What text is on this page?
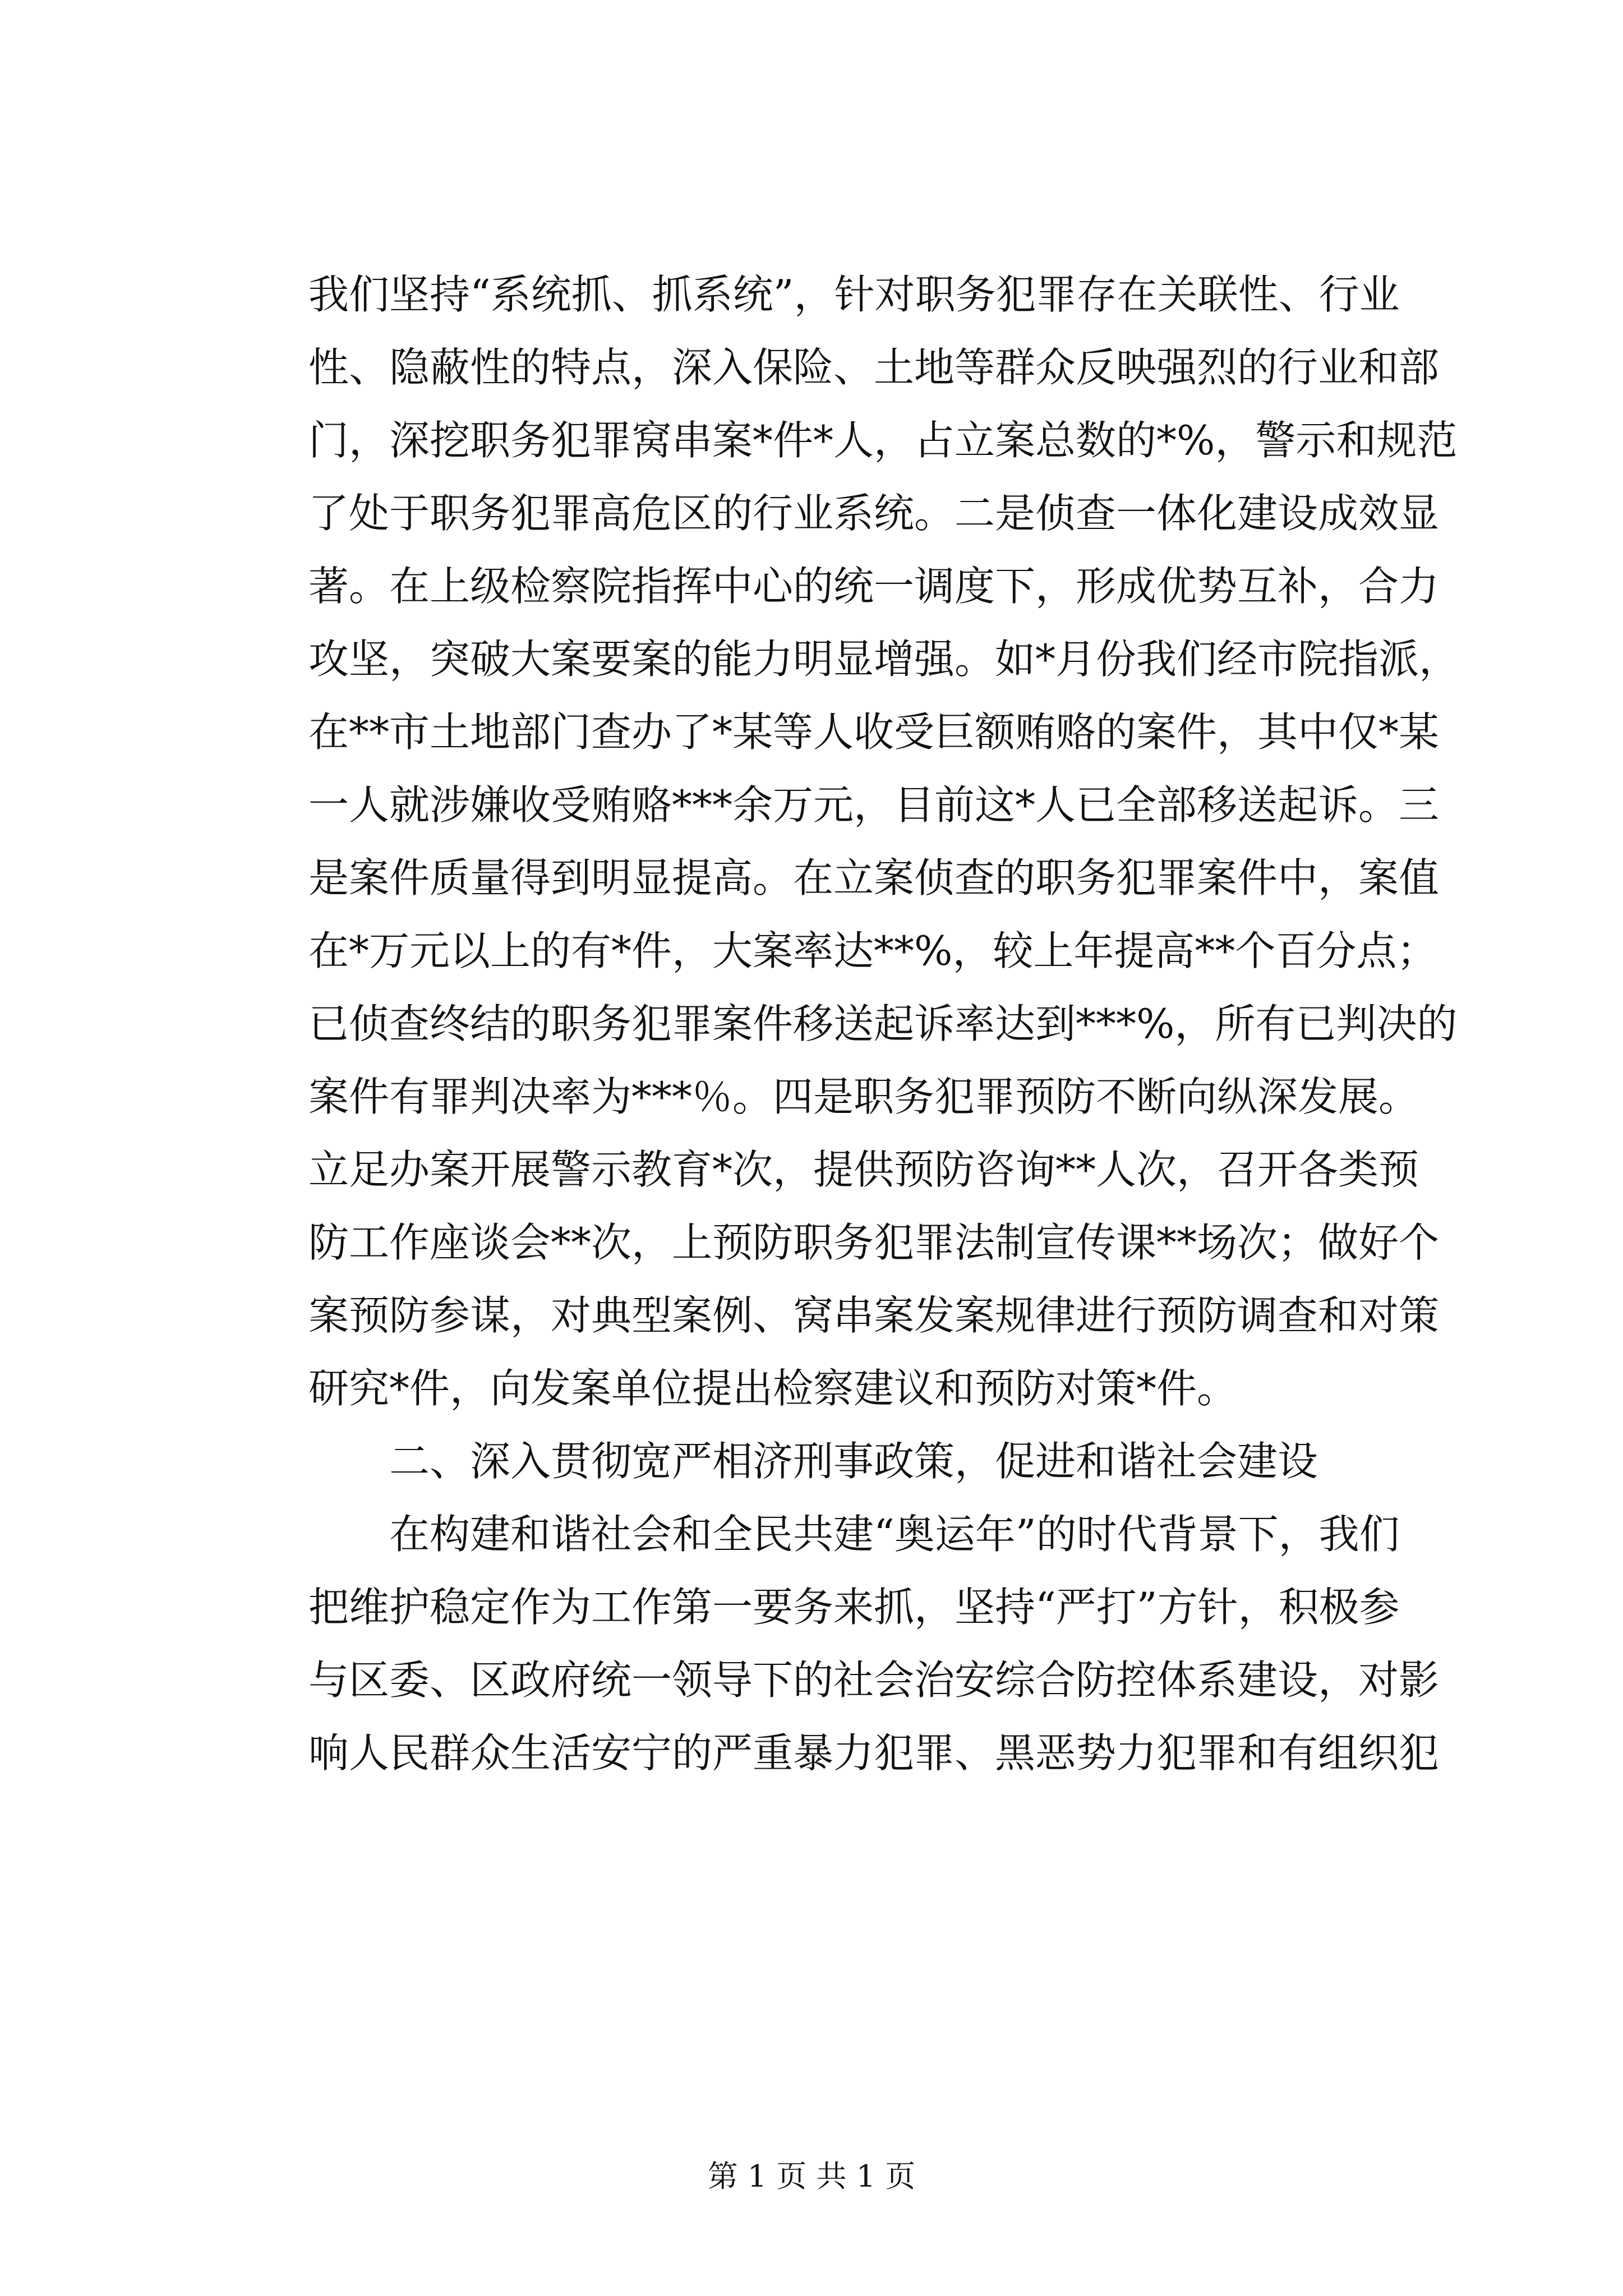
我们坚持“系统抓、抓系统”，针对职务犯罪存在关联性、行业
性、隐蔽性的特点，深入保险、土地等群众反映强烈的行业和部
门，深挖职务犯罪窝串案*件*人，占立案总数的*%，警示和规范
了处于职务犯罪高危区的行业系统。二是侦查一体化建设成效显
著。在上级检察院指挥中心的统一调度下，形成优势互补，合力
攻坚，突破大案要案的能力明显增强。如*月份我们经市院指派，
在**市土地部门查办了*某等人收受巨额贿赂的案件，其中仅*某
一人就涉嫌收受贿赂***余万元，目前这*人已全部移送起诉。三
是案件质量得到明显提高。在立案侦查的职务犯罪案件中，案值
在*万元以上的有*件，大案率达**%，较上年提高**个百分点；
已侦查终结的职务犯罪案件移送起诉率达到***%，所有已判决的
案件有罪判决率为***％。四是职务犯罪预防不断向纵深发展。
立足办案开展警示教育*次，提供预防咨询**人次，召开各类预
防工作座谈会**次，上预防职务犯罪法制宣传课**场次；做好个
案预防参谋，对典型案例、窝串案发案规律进行预防调查和对策
研究*件，向发案单位提出检察建议和预防对策*件。
二、深入贯彻宽严相济刑事政策，促进和谐社会建设
在构建和谐社会和全民共建“奥运年”的时代背景下，我们
把维护稳定作为工作第一要务来抓，坚持“严打”方针，积极参
与区委、区政府统一领导下的社会治安综合防控体系建设，对影
响人民群众生活安宁的严重暴力犯罪、黑恶势力犯罪和有组织犯
第 1 页 共 1 页
